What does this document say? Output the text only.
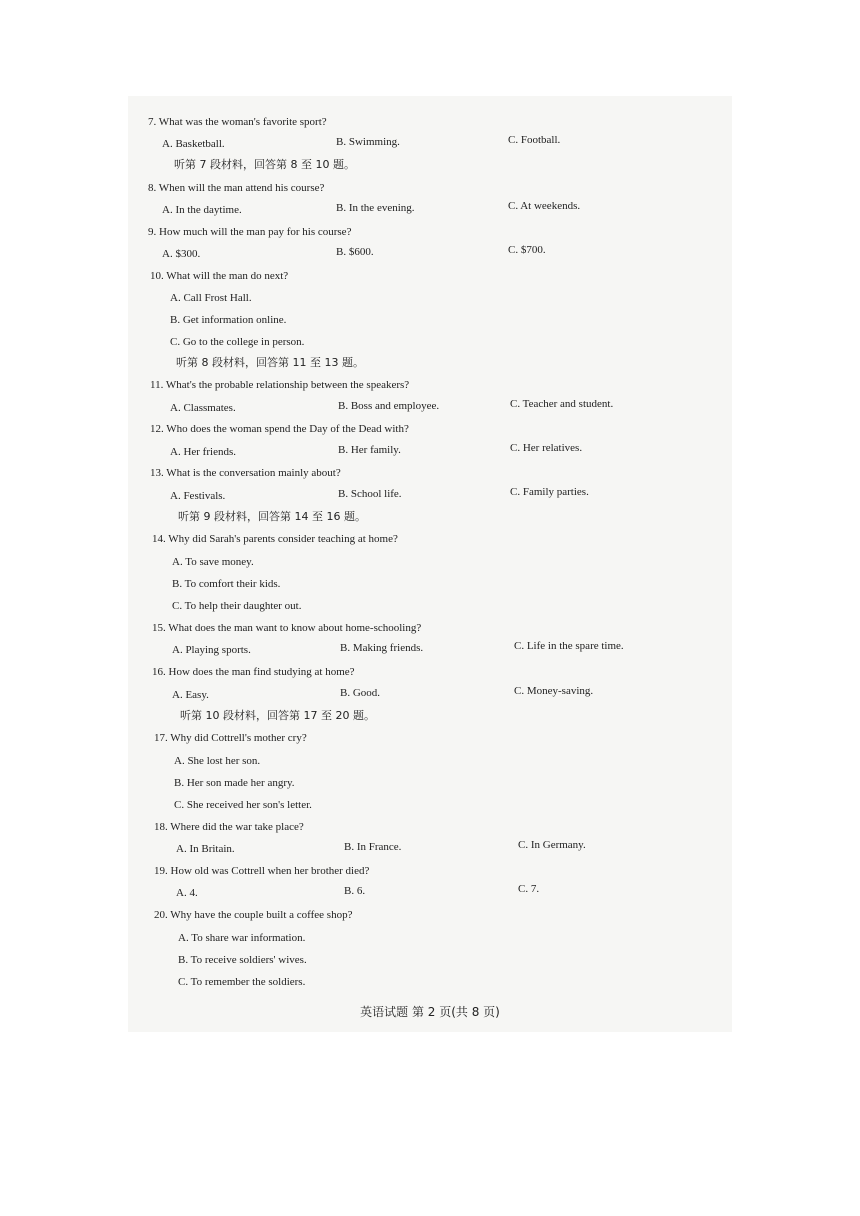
7. What was the woman's favorite sport?
A. Basketball.	B. Swimming.	C. Football.
听第 7 段材料，回答第 8 至 10 题。
8. When will the man attend his course?
A. In the daytime.	B. In the evening.	C. At weekends.
9. How much will the man pay for his course?
A. $300.	B. $600.	C. $700.
10. What will the man do next?
A. Call Frost Hall.
B. Get information online.
C. Go to the college in person.
听第 8 段材料，回答第 11 至 13 题。
11. What's the probable relationship between the speakers?
A. Classmates.	B. Boss and employee.	C. Teacher and student.
12. Who does the woman spend the Day of the Dead with?
A. Her friends.	B. Her family.	C. Her relatives.
13. What is the conversation mainly about?
A. Festivals.	B. School life.	C. Family parties.
听第 9 段材料，回答第 14 至 16 题。
14. Why did Sarah's parents consider teaching at home?
A. To save money.
B. To comfort their kids.
C. To help their daughter out.
15. What does the man want to know about home-schooling?
A. Playing sports.	B. Making friends.	C. Life in the spare time.
16. How does the man find studying at home?
A. Easy.	B. Good.	C. Money-saving.
听第 10 段材料，回答第 17 至 20 题。
17. Why did Cottrell's mother cry?
A. She lost her son.
B. Her son made her angry.
C. She received her son's letter.
18. Where did the war take place?
A. In Britain.	B. In France.	C. In Germany.
19. How old was Cottrell when her brother died?
A. 4.	B. 6.	C. 7.
20. Why have the couple built a coffee shop?
A. To share war information.
B. To receive soldiers' wives.
C. To remember the soldiers.
英语试题 第 2 页(共 8 页)
